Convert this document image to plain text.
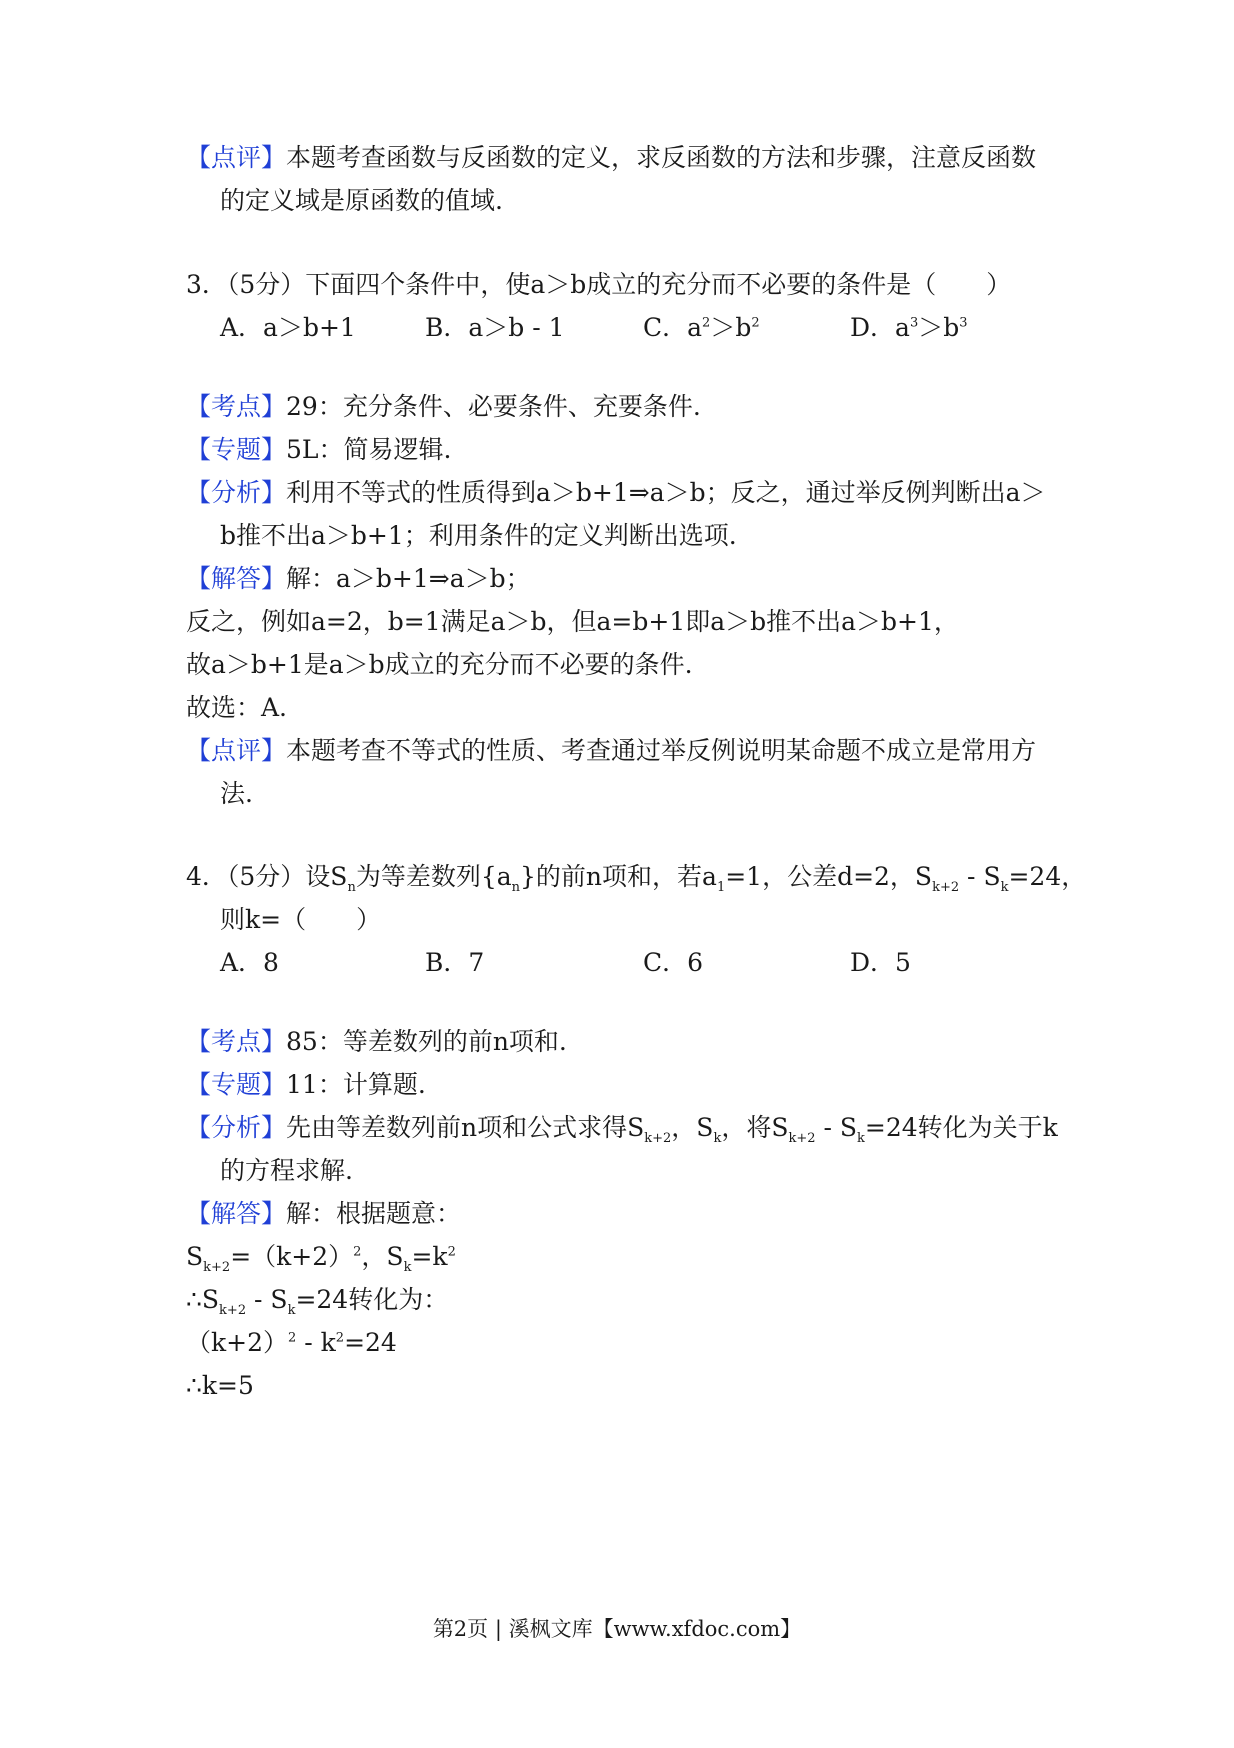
【点评】本题考查函数与反函数的定义，求反函数的方法和步骤，注意反函数
的定义域是原函数的值域.
3．（5分）下面四个条件中，使a＞b成立的充分而不必要的条件是（　　）
A．a＞b+1	B．a＞b - 1	C．$a^2>b^2$	D．$a^3>b^3$
【考点】29：充分条件、必要条件、充要条件.
【专题】5L：简易逻辑.
【分析】利用不等式的性质得到a＞b+1⇒a＞b；反之，通过举反例判断出a＞
b推不出a＞b+1；利用条件的定义判断出选项.
【解答】解：a＞b+1⇒a＞b；
反之，例如a=2，b=1满足a＞b，但a=b+1即a＞b推不出a＞b+1，
故a＞b+1是a＞b成立的充分而不必要的条件.
故选：A.
【点评】本题考查不等式的性质、考查通过举反例说明某命题不成立是常用方
法.
4．（5分）设$S_n$为等差数列$\{a_n\}$的前n项和，若$a_1=1$，公差d=2，$S_{k+2} - S_k=24$，
则k=（　　）
A．8	B．7	C．6	D．5
【考点】85：等差数列的前n项和.
【专题】11：计算题.
【分析】先由等差数列前n项和公式求得$S_{k+2}$，$S_k$，将$S_{k+2} - S_k=24$转化为关于k
的方程求解.
【解答】解：根据题意：
$S_{k+2}=(k+2)^2$，$S_k=k^2$
$\therefore S_{k+2} - S_k=24$转化为：
$(k+2)^2 - k^2=24$
∴k=5
第2页 | 溪枫文库【www.xfdoc.com】
